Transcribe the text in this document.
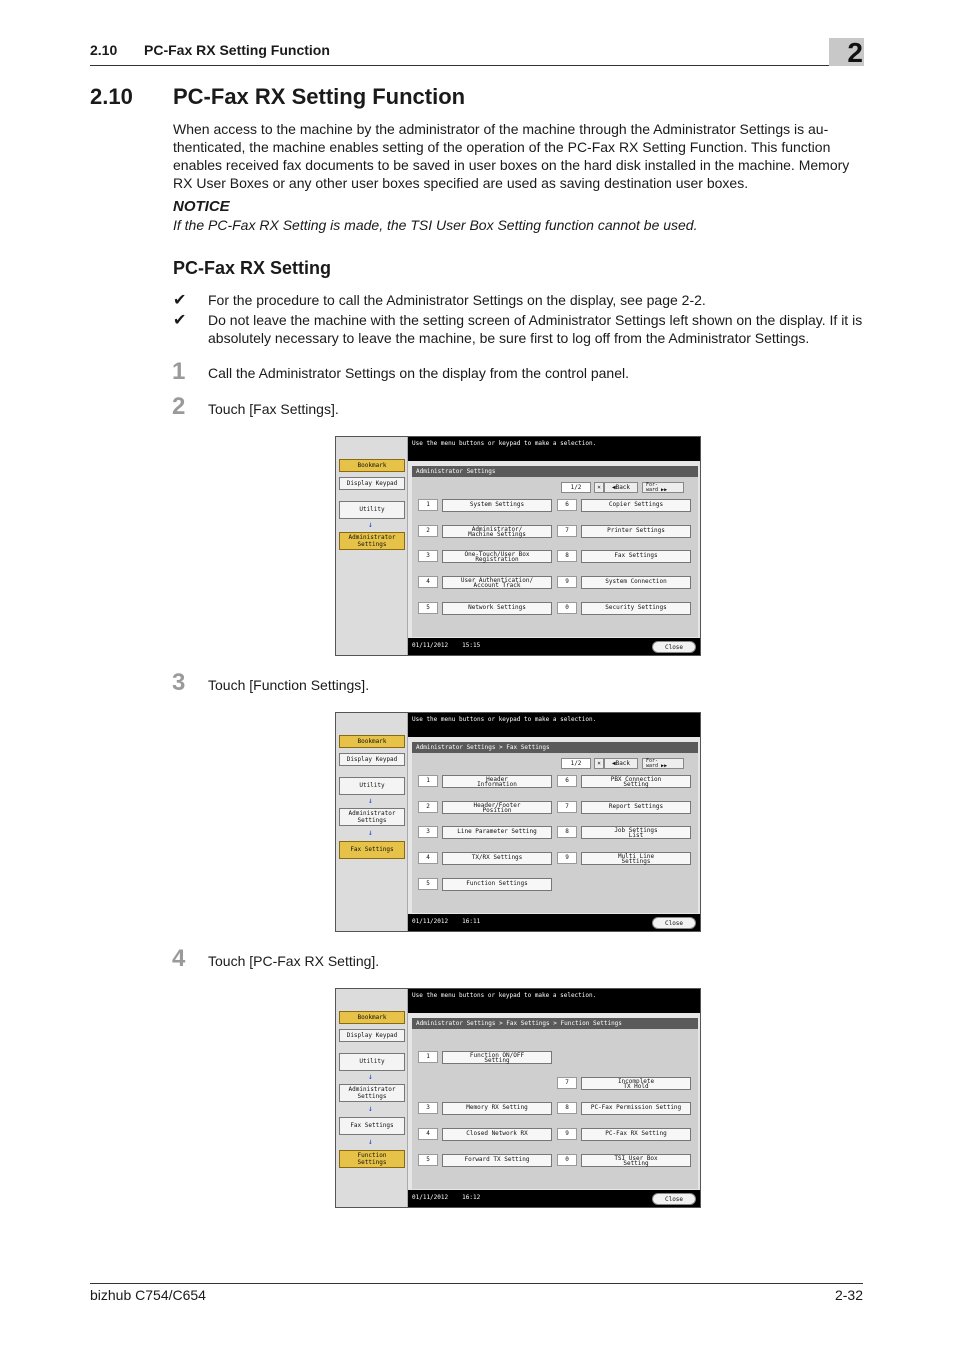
2.10 PC-Fax RX Setting Function	2
2.10 PC-Fax RX Setting Function
When access to the machine by the administrator of the machine through the Administrator Settings is au-thenticated, the machine enables setting of the operation of the PC-Fax RX Setting Function. This function enables received fax documents to be saved in user boxes on the hard disk installed in the machine. Memory RX User Boxes or any other user boxes specified are used as saving destination user boxes.
NOTICE
If the PC-Fax RX Setting is made, the TSI User Box Setting function cannot be used.
PC-Fax RX Setting
✔ For the procedure to call the Administrator Settings on the display, see page 2-2.
✔ Do not leave the machine with the setting screen of Administrator Settings left shown on the display. If it is absolutely necessary to leave the machine, be sure first to log off from the Administrator Settings.
1 Call the Administrator Settings on the display from the control panel.
2 Touch [Fax Settings].
Bookmark
Display Keypad
Utility
↓
Administrator
Settings
Use the menu buttons or keypad to make a selection.
Administrator Settings
1/2	×	◀Back	For-
ward ▶▶
1	System Settings
2	Administrator/
Machine Settings
3	One-Touch/User Box
Registration
4	User Authentication/
Account Track
5	Network Settings
6	Copier Settings
7	Printer Settings
8	Fax Settings
9	System Connection
0	Security Settings
01/11/2012 15:15	Close
3 Touch [Function Settings].
Bookmark
Display Keypad
Utility
↓
Administrator
Settings
↓
Fax Settings
Use the menu buttons or keypad to make a selection.
Administrator Settings > Fax Settings
1/2	×	◀Back	For-
ward ▶▶
1	Header
Information
2	Header/Footer
Position
3	Line Parameter Setting
4	TX/RX Settings
5	Function Settings
6	PBX Connection
Setting
7	Report Settings
8	Job Settings
List
9	Multi Line
Settings
01/11/2012 16:11	Close
4 Touch [PC-Fax RX Setting].
Bookmark
Display Keypad
Utility
↓
Administrator
Settings
↓
Fax Settings
↓
Function
Settings
Use the menu buttons or keypad to make a selection.
Administrator Settings > Fax Settings > Function Settings
1	Function ON/OFF
Setting
3	Memory RX Setting
4	Closed Network RX
5	Forward TX Setting
7	Incomplete
TX Hold
8	PC-Fax Permission Setting
9	PC-Fax RX Setting
0	TSI User Box
Setting
01/11/2012 16:12	Close
bizhub C754/C654	2-32
